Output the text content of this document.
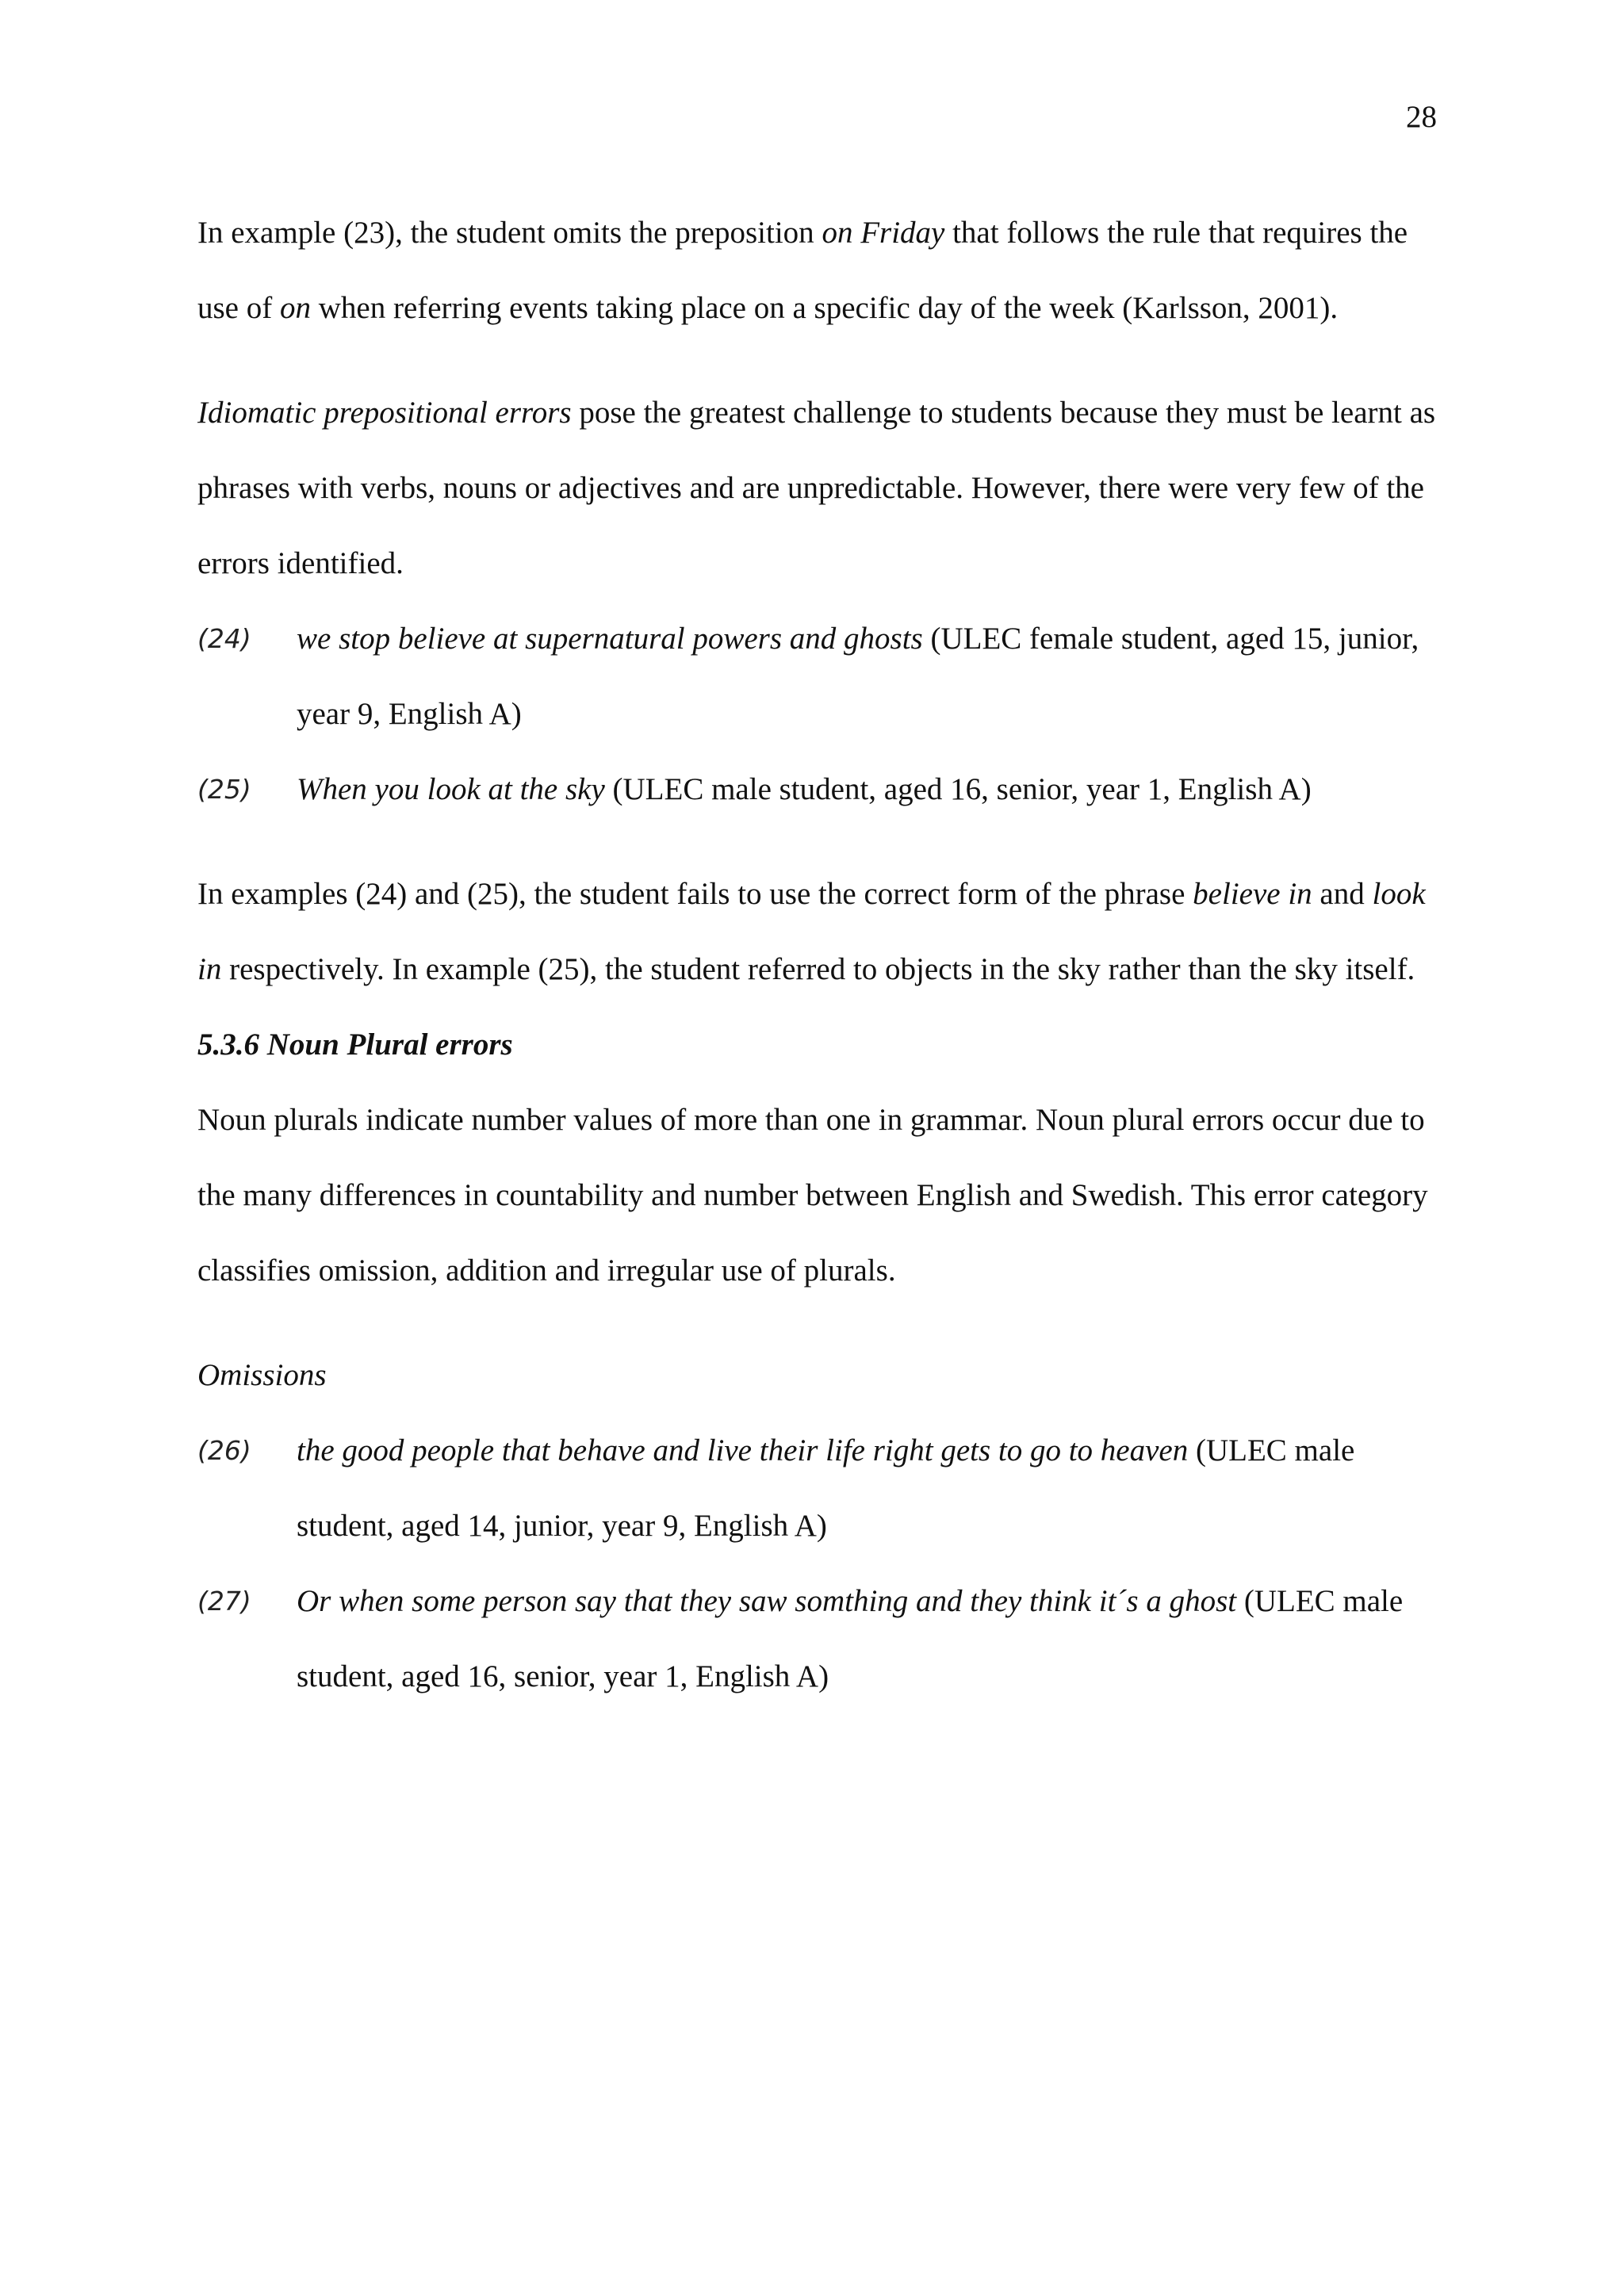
28

In example (23), the student omits the preposition on Friday that follows the rule that requires the use of on when referring events taking place on a specific day of the week (Karlsson, 2001).

Idiomatic prepositional errors pose the greatest challenge to students because they must be learnt as phrases with verbs, nouns or adjectives and are unpredictable. However, there were very few of the errors identified.

(24)	we stop believe at supernatural powers and ghosts (ULEC female student, aged 15, junior, year 9, English A)
(25)	When you look at the sky (ULEC male student, aged 16, senior, year 1, English A)

In examples (24) and (25), the student fails to use the correct form of the phrase believe in and look in respectively. In example (25), the student referred to objects in the sky rather than the sky itself.

5.3.6 Noun Plural errors

Noun plurals indicate number values of more than one in grammar. Noun plural errors occur due to the many differences in countability and number between English and Swedish. This error category classifies omission, addition and irregular use of plurals.

Omissions

(26)	the good people that behave and live their life right gets to go to heaven (ULEC male student, aged 14, junior, year 9, English A)
(27)	Or when some person say that they saw somthing and they think it´s a ghost (ULEC male student, aged 16, senior, year 1, English A)
